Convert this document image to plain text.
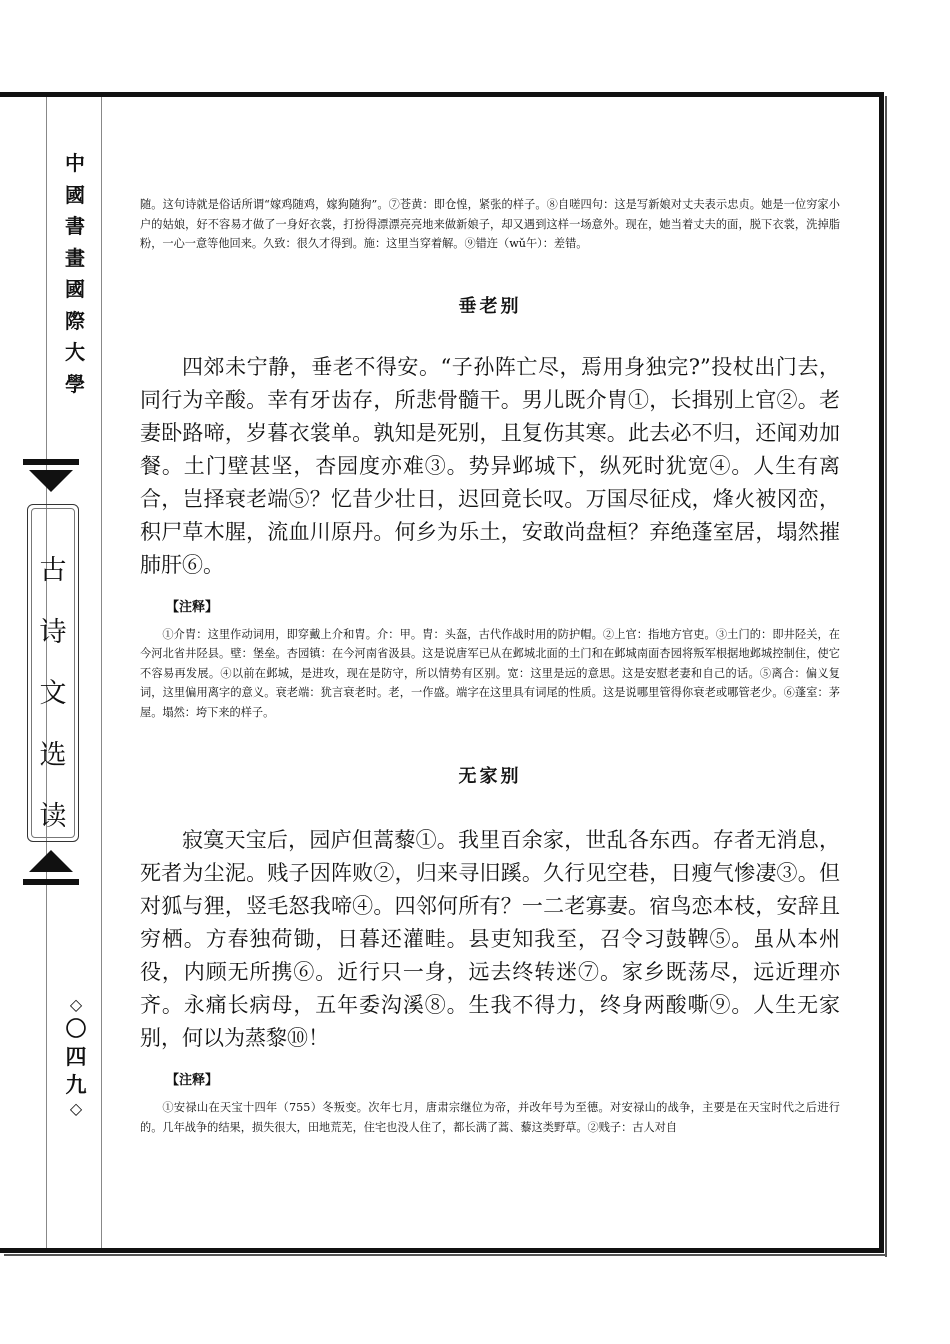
中
國
書
畫
國
際
大
學
古
诗
文
选
读
◇
〇
四
九
◇

随。这句诗就是俗话所谓“嫁鸡随鸡，嫁狗随狗”。⑦苍黄：即仓惶，紧张的样子。⑧自嗟四句：这是写新娘对丈夫表示忠贞。她是一位穷家小户的姑娘，好不容易才做了一身好衣裳，打扮得漂漂亮亮地来做新娘子，却又遇到这样一场意外。现在，她当着丈夫的面，脱下衣裳，洗掉脂粉，一心一意等他回来。久致：很久才得到。施：这里当穿着解。⑨错迕（wǔ午）：差错。

垂老别

四郊未宁静，垂老不得安。“子孙阵亡尽，焉用身独完?”投杖出门去，同行为辛酸。幸有牙齿存，所悲骨髓干。男儿既介胄①，长揖别上官②。老妻卧路啼，岁暮衣裳单。孰知是死别，且复伤其寒。此去必不归，还闻劝加餐。土门壁甚坚，杏园度亦难③。势异邺城下，纵死时犹宽④。人生有离合，岂择衰老端⑤？忆昔少壮日，迟回竟长叹。万国尽征戍，烽火被冈峦，积尸草木腥，流血川原丹。何乡为乐土，安敢尚盘桓？弃绝蓬室居，塌然摧肺肝⑥。

【注释】

①介胄：这里作动词用，即穿戴上介和胄。介：甲。胄：头盔，古代作战时用的防护帽。②上官：指地方官吏。③土门的：即井陉关，在今河北省井陉县。壁：堡垒。杏园镇：在今河南省汲县。这是说唐军已从在邺城北面的土门和在邺城南面杏园将叛军根据地邺城控制住，使它不容易再发展。④以前在邺城，是进攻，现在是防守，所以情势有区别。宽：这里是远的意思。这是安慰老妻和自己的话。⑤离合：偏义复词，这里偏用离字的意义。衰老端：犹言衰老时。老，一作盛。端字在这里具有词尾的性质。这是说哪里管得你衰老或哪管老少。⑥蓬室：茅屋。塌然：垮下来的样子。

无家别

寂寞天宝后，园庐但蒿藜①。我里百余家，世乱各东西。存者无消息，死者为尘泥。贱子因阵败②，归来寻旧蹊。久行见空巷，日瘦气惨凄③。但对狐与狸，竖毛怒我啼④。四邻何所有？一二老寡妻。宿鸟恋本枝，安辞且穷栖。方春独荷锄，日暮还灌畦。县吏知我至，召令习鼓鞞⑤。虽从本州役，内顾无所携⑥。近行只一身，远去终转迷⑦。家乡既荡尽，远近理亦齐。永痛长病母，五年委沟溪⑧。生我不得力，终身两酸嘶⑨。人生无家别，何以为蒸黎⑩！

【注释】

①安禄山在天宝十四年（755）冬叛变。次年七月，唐肃宗继位为帝，并改年号为至德。对安禄山的战争，主要是在天宝时代之后进行的。几年战争的结果，损失很大，田地荒芜，住宅也没人住了，都长满了蒿、藜这类野草。②贱子：古人对自
